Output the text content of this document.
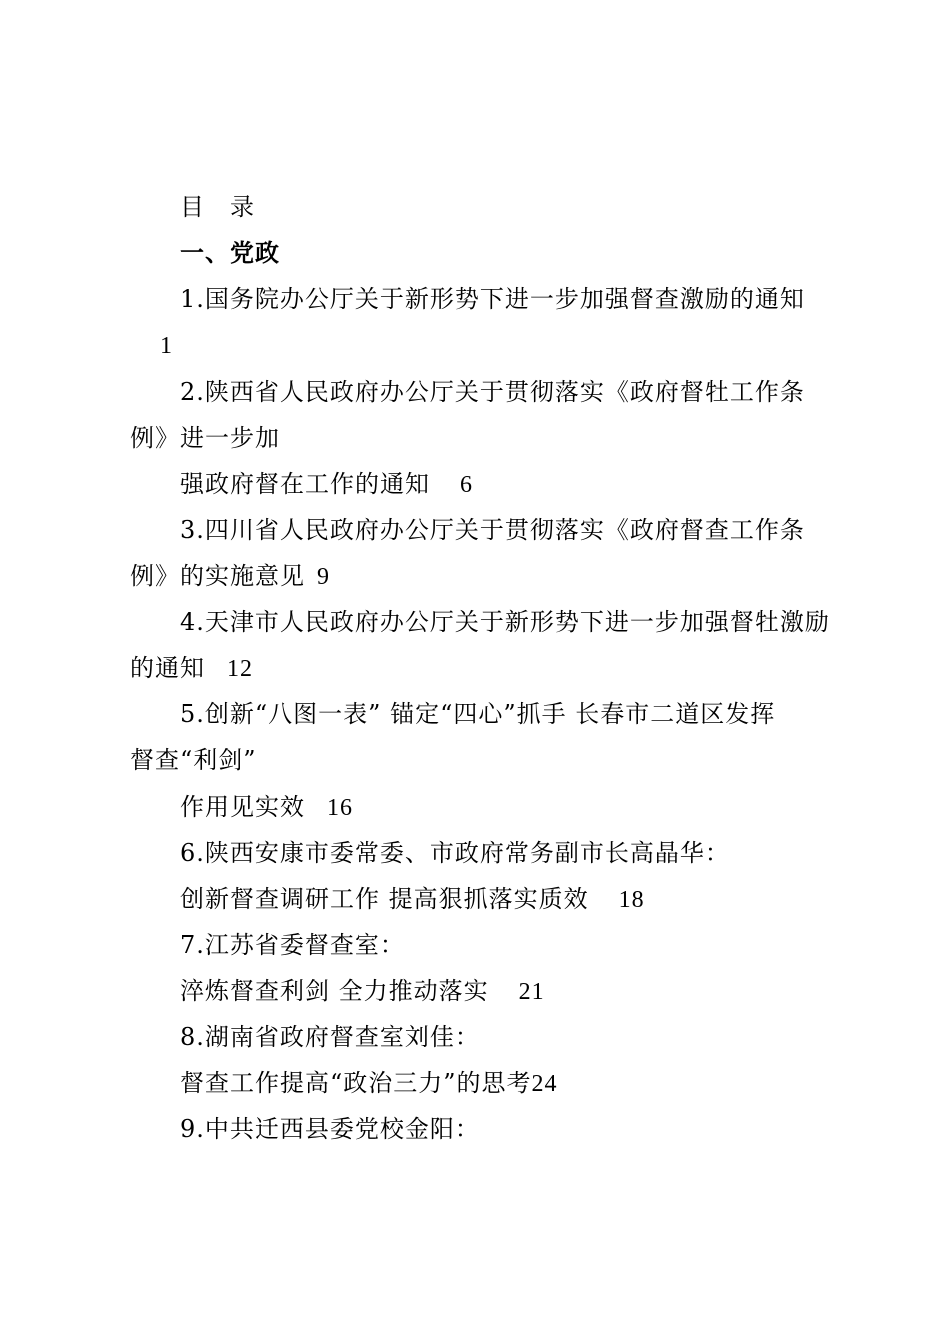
目　录
一、党政
1.国务院办公厅关于新形势下进一步加强督查激励的通知
1
2.陕西省人民政府办公厅关于贯彻落实《政府督牡工作条
例》进一步加
强政府督在工作的通知 6
3.四川省人民政府办公厅关于贯彻落实《政府督查工作条
例》的实施意见 9
4.天津市人民政府办公厅关于新形势下进一步加强督牡激励
的通知 12
5.创新“八图一表” 锚定“四心”抓手 长春市二道区发挥
督查“利剑”
作用见实效 16
6.陕西安康市委常委、市政府常务副市长高晶华：
创新督查调研工作 提高狠抓落实质效 18
7.江苏省委督查室：
淬炼督查利剑 全力推动落实 21
8.湖南省政府督查室刘佳：
督查工作提高“政治三力”的思考24
9.中共迁西县委党校金阳：
